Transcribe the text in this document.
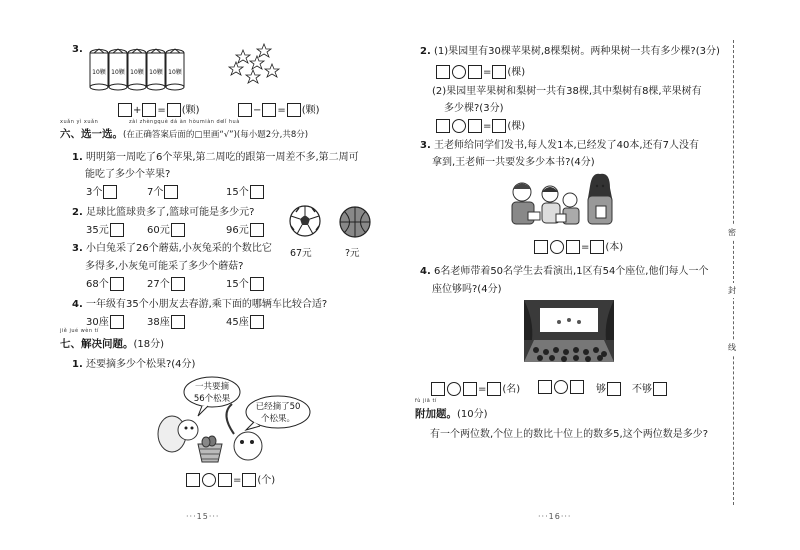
3.
10颗 10颗 10颗 10颗 10颗
+ = (颗)	− = (颗)
xuǎn yì xuǎn	zài zhèngquè dá àn hòumiàn de lǐ huà
六、选一选。(在正确答案后面的□里画“√”)(每小题2分,共8分)
1. 明明第一周吃了6个苹果,第二周吃的跟第一周差不多,第二周可
能吃了多少个苹果?
3个	7个	15个
2. 足球比篮球贵多了,篮球可能是多少元?
35元	60元	96元
67元	?元
3. 小白兔采了26个蘑菇,小灰兔采的个数比它
多得多,小灰兔可能采了多少个蘑菇?
68个	27个	15个
4. 一年级有35个小朋友去春游,乘下面的哪辆车比较合适?
30座	38座	45座
jiě jué wèn tí
七、解决问题。(18分)
1. 还要摘多少个松果?(4分)
一共要摘
56个松果
已经摘了50
个松果。
= (个)
···15···
2. (1)果园里有30棵苹果树,8棵梨树。两种果树一共有多少棵?(3分)
= (棵)
(2)果园里苹果树和梨树一共有38棵,其中梨树有8棵,苹果树有
多少棵?(3分)
= (棵)
3. 王老师给同学们发书,每人发1本,已经发了40本,还有7人没有
拿到,王老师一共要发多少本书?(4分)
= (本)
4. 6名老师带着50名学生去看演出,1区有54个座位,他们每人一个
座位够吗?(4分)
= (名)	够	不够
fù jiā tí
附加题。(10分)
有一个两位数,个位上的数比十位上的数多5,这个两位数是多少?
···16···
密
封
线
